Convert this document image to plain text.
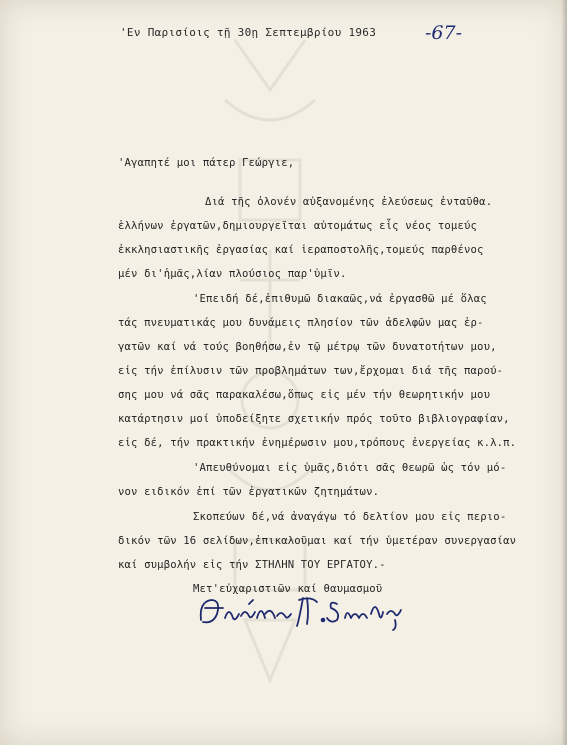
'Εν Παρισίοις τῇ 30ῃ Σεπτεμβρίου 1963	-67-
'Αγαπητέ μοι πάτερ Γεώργιε,
Διά τῆς ὁλονέν αὐξανομένης ἐλεύσεως ἐνταῦθα.
ἑλλήνων ἐργατῶν,δημιουργεῖται αὐτομάτως εἷς νέος τομεύς
ἐκκλησιαστικῆς ἐργασίας καί ἱεραποστολῆς,τομεύς παρθένος
μέν δι'ἡμᾶς,λίαν πλούσιος παρ'ὑμῖν.
'Επειδή δέ,ἐπιθυμῶ διακαῶς,νά ἐργασθῶ μέ ὅλας
τάς πνευματικάς μου δυνάμεις πλησίον τῶν ἀδελφῶν μας ἐρ-
γατῶν καί νά τούς βοηθήσω,ἐν τῷ μέτρῳ τῶν δυνατοτήτων μου,
εἰς τήν ἐπίλυσιν τῶν προβλημάτων των,ἔρχομαι διά τῆς παρού-
σης μου νά σᾶς παρακαλέσω,ὅπως εἰς μέν τήν θεωρητικήν μου
κατάρτησιν μοί ὑποδείξητε σχετικήν πρός τοῦτο βιβλιογραφίαν,
εἰς δέ, τήν πρακτικήν ἐνημέρωσιν μου,τρόπους ἐνεργείας κ.λ.π.
'Απευθύνομαι εἰς ὑμᾶς,διότι σᾶς θεωρῶ ὡς τόν μό-
νον ειδικόν ἐπί τῶν ἐργατικῶν ζητημάτων.
Σκοπεύων δέ,νά ἀναγάγω τό δελτίον μου εἰς περιο-
δικόν τῶν 16 σελίδων,ἐπικαλοῦμαι καί τήν ὑμετέραν συνεργασίαν
καί συμβολήν εἰς τήν ΣΤΗΛΗΝ ΤΟΥ ΕΡΓΑΤΟΥ.-
Μετ'εὐχαριστιῶν καί θαυμασμοῦ
